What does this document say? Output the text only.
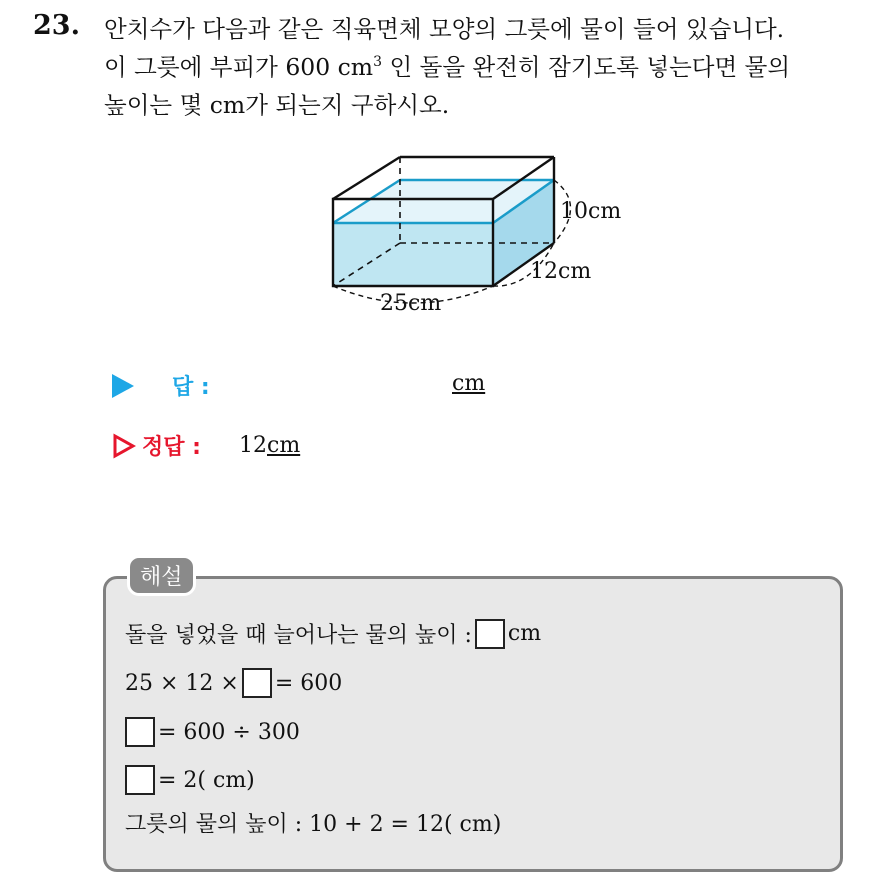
23. 안치수가 다음과 같은 직육면체 모양의 그릇에 물이 들어 있습니다.
이 그릇에 부피가 600 $cm^3$ 인 돌을 완전히 잠기도록 넣는다면 물의
높이는 몇 cm가 되는지 구하시오.
10cm
12cm
25cm
답 :	cm
정답 : 12cm
해설
돌을 넣었을 때 늘어나는 물의 높이 : cm
25 × 12 × = 600
= 600 ÷ 300
= 2( cm)
그릇의 물의 높이 : 10 + 2 = 12( cm)
